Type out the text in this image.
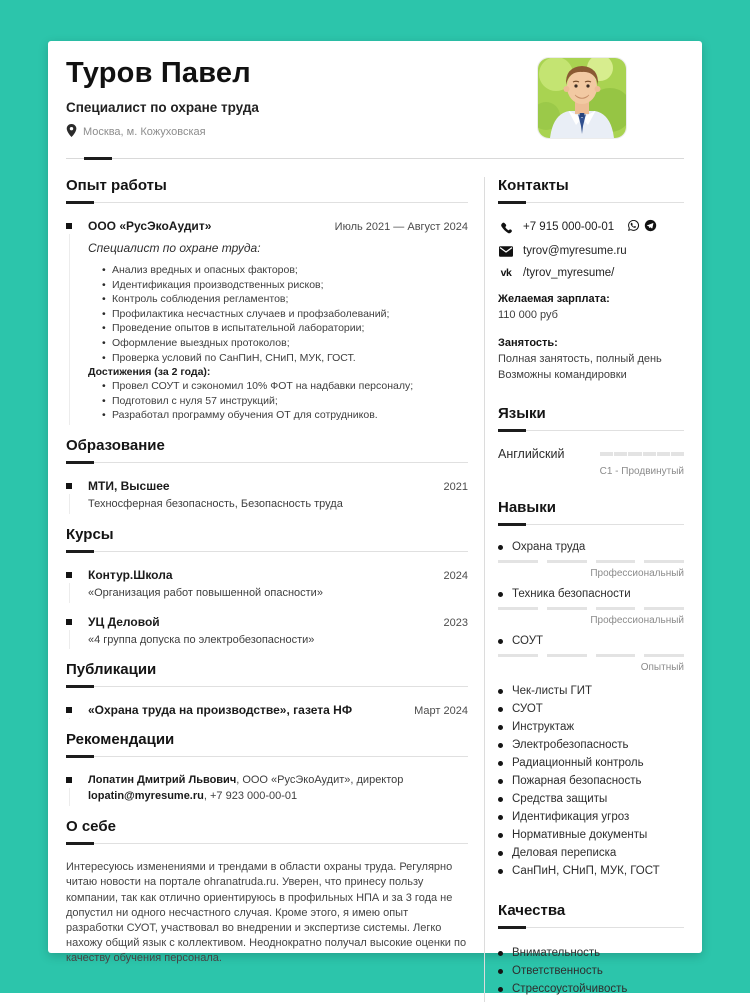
Туров Павел
Специалист по охране труда
Москва, м. Кожуховская
Опыт работы
ООО «РусЭкоАудит»	Июль 2021 — Август 2024
Специалист по охране труда:
• Анализ вредных и опасных факторов;
• Идентификация производственных рисков;
• Контроль соблюдения регламентов;
• Профилактика несчастных случаев и профзаболеваний;
• Проведение опытов в испытательной лаборатории;
• Оформление выездных протоколов;
• Проверка условий по СанПиН, СНиП, МУК, ГОСТ.
Достижения (за 2 года):
• Провел СОУТ и сэкономил 10% ФОТ на надбавки персоналу;
• Подготовил с нуля 57 инструкций;
• Разработал программу обучения ОТ для сотрудников.
Образование
МТИ, Высшее	2021
Техносферная безопасность, Безопасность труда
Курсы
Контур.Школа	2024
«Организация работ повышенной опасности»
УЦ Деловой	2023
«4 группа допуска по электробезопасности»
Публикации
«Охрана труда на производстве», газета НФ	Март 2024
Рекомендации
Лопатин Дмитрий Львович, ООО «РусЭкоАудит», директор
lopatin@myresume.ru, +7 923 000-00-01
О себе

Интересуюсь изменениями и трендами в области охраны труда. Регулярно читаю новости на портале ohranatruda.ru. Уверен, что принесу пользу компании, так как отлично ориентируюсь в профильных НПА и за 3 года не допустил ни одного несчастного случая. Кроме этого, я имею опыт разработки СУОТ, участвовал во внедрении и экспертизе системы. Легко нахожу общий язык с коллективом. Неоднократно получал высокие оценки по качеству обучения персонала.

Контакты
+7 915 000-00-01
tyrov@myresume.ru
vk /tyrov_myresume/
Желаемая зарплата:
110 000 руб
Занятость:
Полная занятость, полный день
Возможны командировки
Языки
Английский
C1 - Продвинутый
Навыки
Охрана труда
Профессиональный
Техника безопасности
Профессиональный
СОУТ
Опытный
Чек-листы ГИТ
СУОТ
Инструктаж
Электробезопасность
Радиационный контроль
Пожарная безопасность
Средства защиты
Идентификация угроз
Нормативные документы
Деловая переписка
СанПиН, СНиП, МУК, ГОСТ
Качества
Внимательность
Ответственность
Стрессоустойчивость
